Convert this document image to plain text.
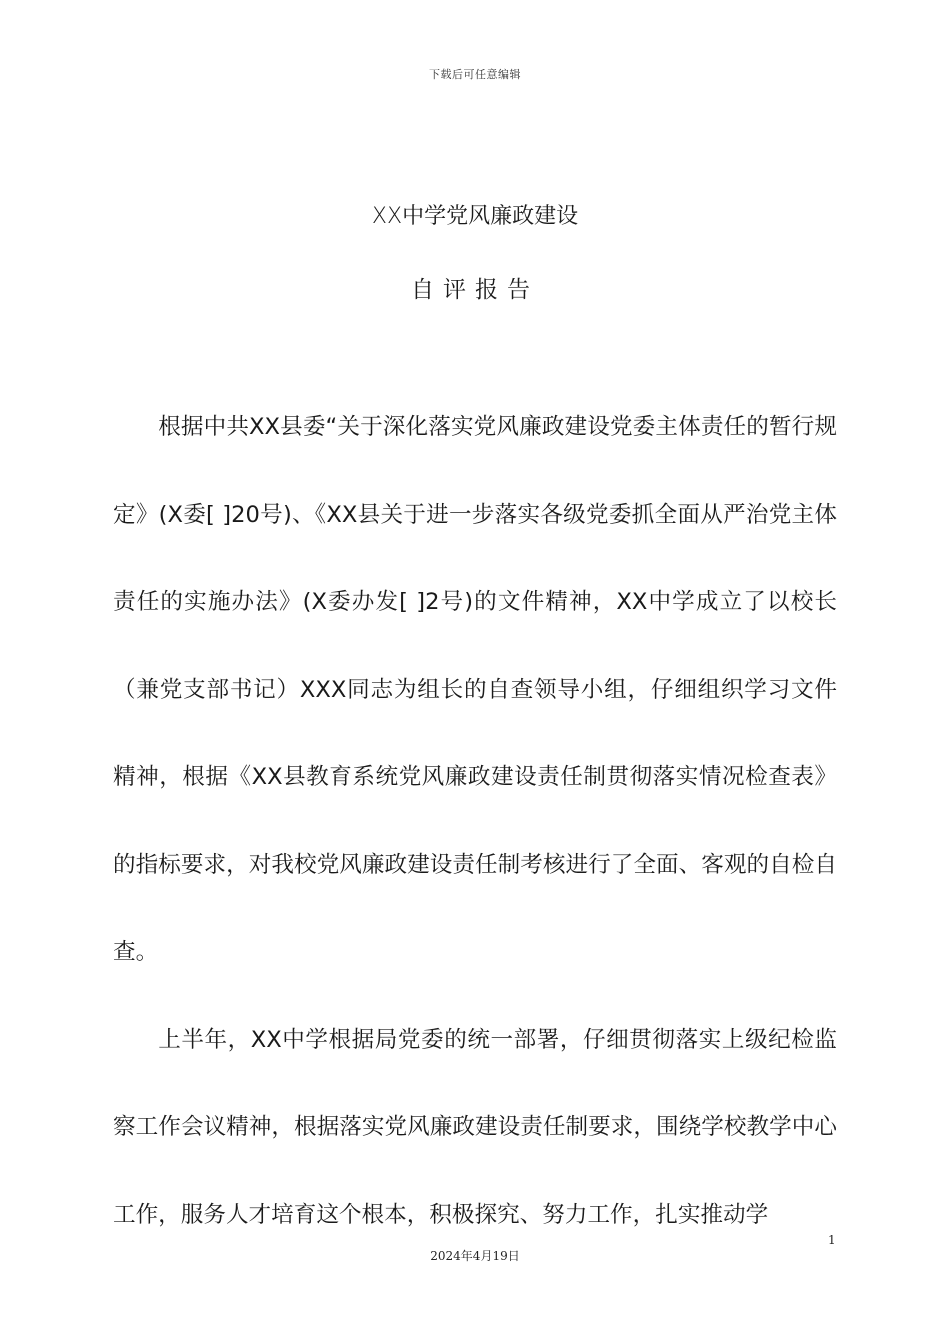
下载后可任意编辑
XX中学党风廉政建设
自评报告

根据中共XX县委“关于深化落实党风廉政建设党委主体责任的暂行规定》(X委[ ]20号)、《XX县关于进一步落实各级党委抓全面从严治党主体责任的实施办法》(X委办发[ ]2号)的文件精神，XX中学成立了以校长（兼党支部书记）XXX同志为组长的自查领导小组，仔细组织学习文件精神，根据《XX县教育系统党风廉政建设责任制贯彻落实情况检查表》的指标要求，对我校党风廉政建设责任制考核进行了全面、客观的自检自查。

上半年，XX中学根据局党委的统一部署，仔细贯彻落实上级纪检监察工作会议精神，根据落实党风廉政建设责任制要求，围绕学校教学中心工作，服务人才培育这个根本，积极探究、努力工作，扎实推动学

1
2024年4月19日
